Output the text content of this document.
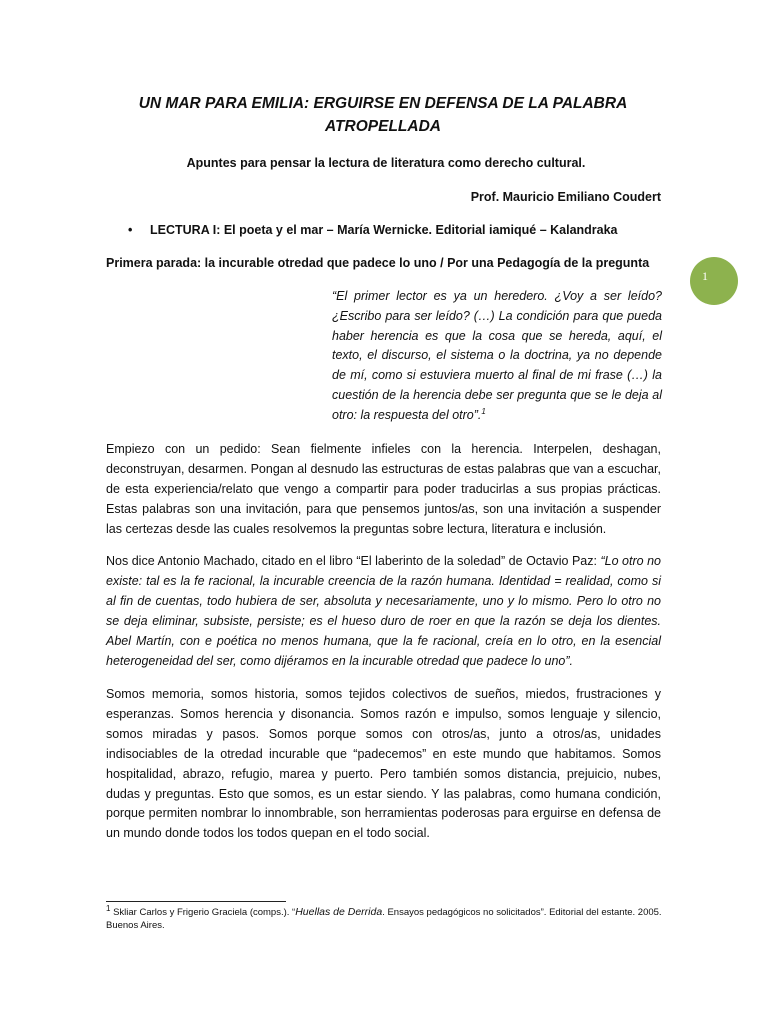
UN MAR PARA EMILIA: ERGUIRSE EN DEFENSA DE LA PALABRA ATROPELLADA
Apuntes para pensar la lectura de literatura como derecho cultural.
Prof. Mauricio Emiliano Coudert
• LECTURA I: El poeta y el mar – María Wernicke. Editorial iamiqué – Kalandraka
Primera parada: la incurable otredad que padece lo uno / Por una Pedagogía de la pregunta
1
“El primer lector es ya un heredero. ¿Voy a ser leído? ¿Escribo para ser leído? (…) La condición para que pueda haber herencia es que la cosa que se hereda, aquí, el texto, el discurso, el sistema o la doctrina, ya no depende de mí, como si estuviera muerto al final de mi frase (…) la cuestión de la herencia debe ser pregunta que se le deja al otro: la respuesta del otro”.$^1$
Empiezo con un pedido: Sean fielmente infieles con la herencia. Interpelen, deshagan, deconstruyan, desarmen. Pongan al desnudo las estructuras de estas palabras que van a escuchar, de esta experiencia/relato que vengo a compartir para poder traducirlas a sus propias prácticas. Estas palabras son una invitación, para que pensemos juntos/as, son una invitación a suspender las certezas desde las cuales resolvemos la preguntas sobre lectura, literatura e inclusión.
Nos dice Antonio Machado, citado en el libro “El laberinto de la soledad” de Octavio Paz: “Lo otro no existe: tal es la fe racional, la incurable creencia de la razón humana. Identidad = realidad, como si al fin de cuentas, todo hubiera de ser, absoluta y necesariamente, uno y lo mismo. Pero lo otro no se deja eliminar, subsiste, persiste; es el hueso duro de roer en que la razón se deja los dientes. Abel Martín, con e poética no menos humana, que la fe racional, creía en lo otro, en la esencial heterogeneidad del ser, como dijéramos en la incurable otredad que padece lo uno”.
Somos memoria, somos historia, somos tejidos colectivos de sueños, miedos, frustraciones y esperanzas. Somos herencia y disonancia. Somos razón e impulso, somos lenguaje y silencio, somos miradas y pasos. Somos porque somos con otros/as, junto a otros/as, unidades indisociables de la otredad incurable que “padecemos” en este mundo que habitamos. Somos hospitalidad, abrazo, refugio, marea y puerto. Pero también somos distancia, prejuicio, nubes, dudas y preguntas. Esto que somos, es un estar siendo. Y las palabras, como humana condición, porque permiten nombrar lo innombrable, son herramientas poderosas para erguirse en defensa de un mundo donde todos los todos quepan en el todo social.
$^1$ Skliar Carlos y Frigerio Graciela (comps.). “Huellas de Derrida. Ensayos pedagógicos no solicitados”. Editorial del estante. 2005. Buenos Aires.
